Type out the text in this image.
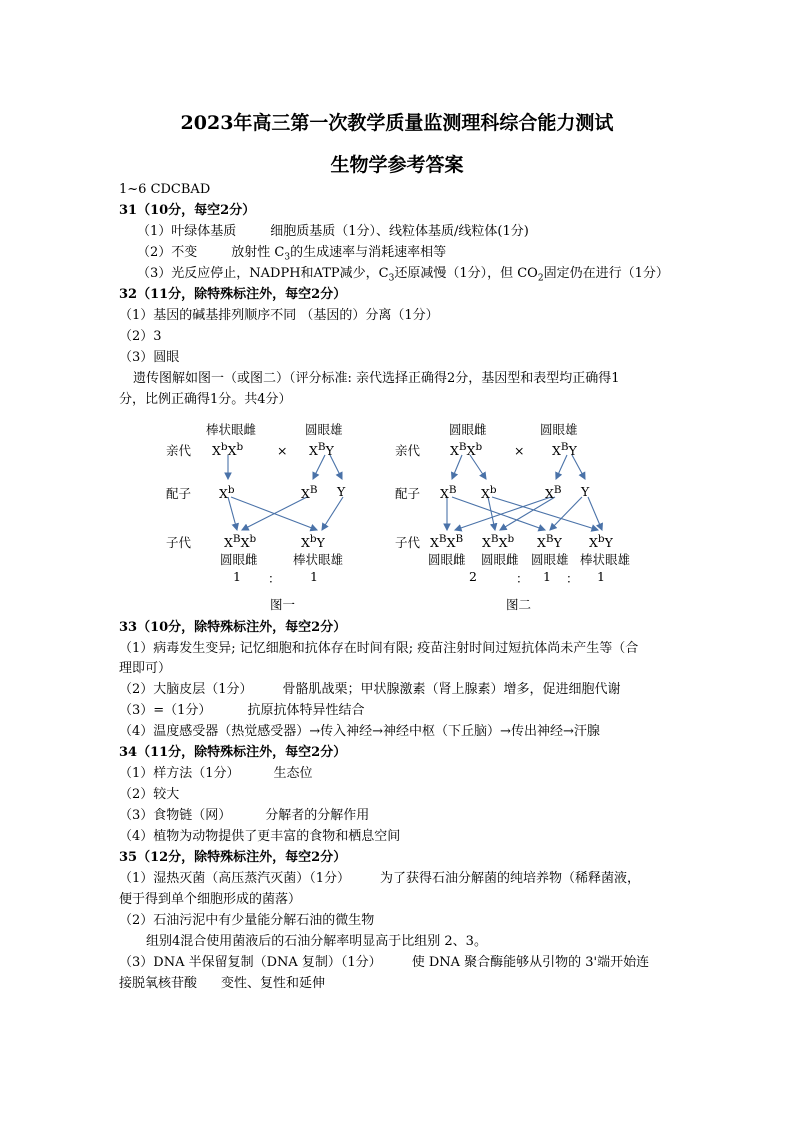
2023年高三第一次教学质量监测理科综合能力测试
生物学参考答案
1~6 CDCBAD
31（10分，每空2分）
（1）叶绿体基质	细胞质基质（1分）、线粒体基质/线粒体(1分)
（2）不变	放射性 $C_3$的生成速率与消耗速率相等
（3）光反应停止，NADPH和ATP减少，$C_3$还原减慢（1分），但 $CO_2$固定仍在进行（1分）
32（11分，除特殊标注外，每空2分）
（1）基因的碱基排列顺序不同 （基因的）分离（1分）
（2）3
（3）圆眼
遗传图解如图一（或图二）（评分标准: 亲代选择正确得2分，基因型和表型均正确得1
分，比例正确得1分。共4分）
棒状眼雌	圆眼雄
亲代 $X^bX^b$	× $X^BY$
配子 $X^b$	$X^B$ Y
子代	$X^BX^b$	$X^bY$
圆眼雌	棒状眼雄
1 ： 1
图一
圆眼雌	圆眼雄
亲代 $X^BX^b$	× $X^BY$
配子 $X^B$ $X^b$	$X^B$ Y
子代 $X^BX^B$ $X^BX^b$ $X^BY$ $X^bY$
圆眼雌 圆眼雌 圆眼雄 棒状眼雄
2	： 1 ： 1
图二
33（10分，除特殊标注外，每空2分）
（1）病毒发生变异; 记忆细胞和抗体存在时间有限; 疫苗注射时间过短抗体尚未产生等（合
理即可）
（2）大脑皮层（1分） 骨骼肌战栗；甲状腺激素（肾上腺素）增多，促进细胞代谢
（3）=（1分）	抗原抗体特异性结合
（4）温度感受器（热觉感受器）→传入神经→神经中枢（下丘脑）→传出神经→汗腺
34（11分，除特殊标注外，每空2分）
（1）样方法（1分）	生态位
（2）较大
（3）食物链（网）	分解者的分解作用
（4）植物为动物提供了更丰富的食物和栖息空间
35（12分，除特殊标注外，每空2分）
（1）湿热灭菌（高压蒸汽灭菌）（1分） 为了获得石油分解菌的纯培养物（稀释菌液，
便于得到单个细胞形成的菌落）
（2）石油污泥中有少量能分解石油的微生物
组别4混合使用菌液后的石油分解率明显高于比组别 2、3。
（3）DNA 半保留复制（DNA 复制）（1分） 使 DNA 聚合酶能够从引物的 3'端开始连
接脱氧核苷酸 变性、复性和延伸
